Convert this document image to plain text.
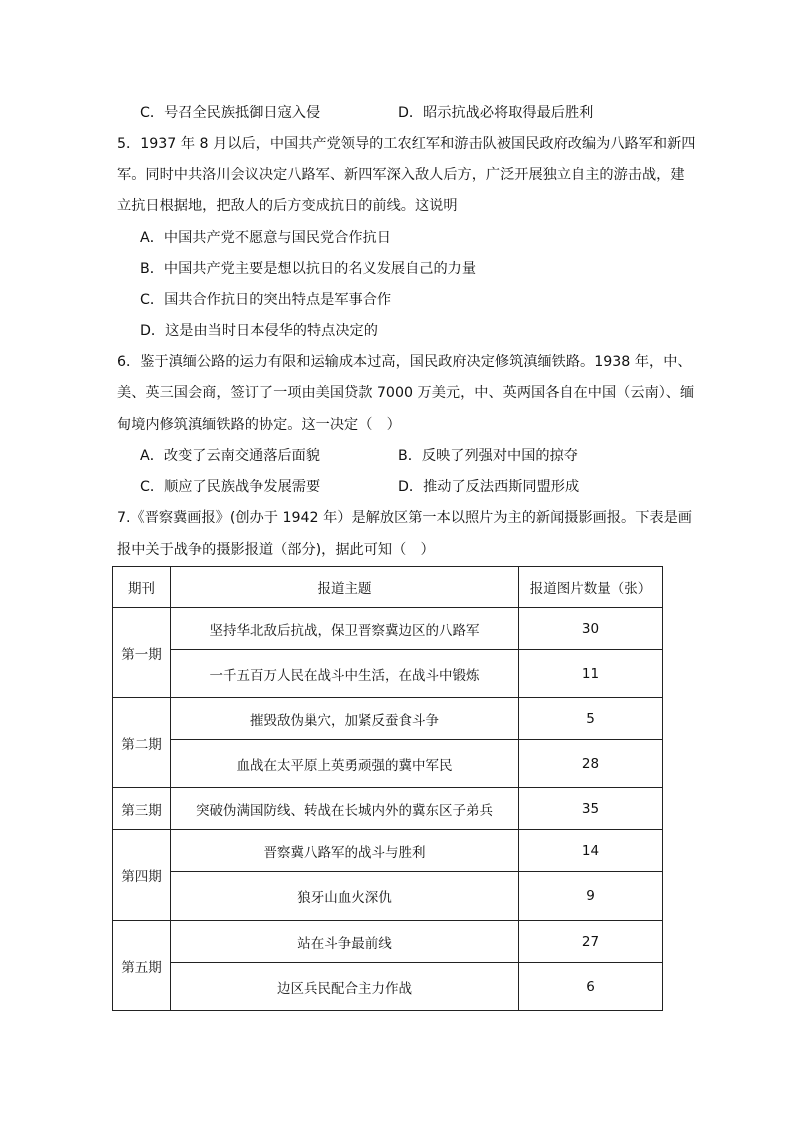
C．号召全民族抵御日寇入侵	D．昭示抗战必将取得最后胜利
5．1937 年 8 月以后，中国共产党领导的工农红军和游击队被国民政府改编为八路军和新四
军。同时中共洛川会议决定八路军、新四军深入敌人后方，广泛开展独立自主的游击战，建
立抗日根据地，把敌人的后方变成抗日的前线。这说明
A．中国共产党不愿意与国民党合作抗日
B．中国共产党主要是想以抗日的名义发展自己的力量
C．国共合作抗日的突出特点是军事合作
D．这是由当时日本侵华的特点决定的
6．鉴于滇缅公路的运力有限和运输成本过高，国民政府决定修筑滇缅铁路。1938 年，中、
美、英三国会商，签订了一项由美国贷款 7000 万美元，中、英两国各自在中国（云南）、缅
甸境内修筑滇缅铁路的协定。这一决定（　）
A．改变了云南交通落后面貌	B．反映了列强对中国的掠夺
C．顺应了民族战争发展需要	D．推动了反法西斯同盟形成
7.《晋察冀画报》(创办于 1942 年）是解放区第一本以照片为主的新闻摄影画报。下表是画
报中关于战争的摄影报道（部分)，据此可知（　）
期刊	报道主题	报道图片数量（张）
第一期	坚持华北敌后抗战，保卫晋察冀边区的八路军	30
	一千五百万人民在战斗中生活，在战斗中锻炼	11
第二期	摧毁敌伪巢穴，加紧反蚕食斗争	5
	血战在太平原上英勇顽强的冀中军民	28
第三期	突破伪满国防线、转战在长城内外的冀东区子弟兵	35
第四期	晋察冀八路军的战斗与胜利	14
	狼牙山血火深仇	9
第五期	站在斗争最前线	27
	边区兵民配合主力作战	6
